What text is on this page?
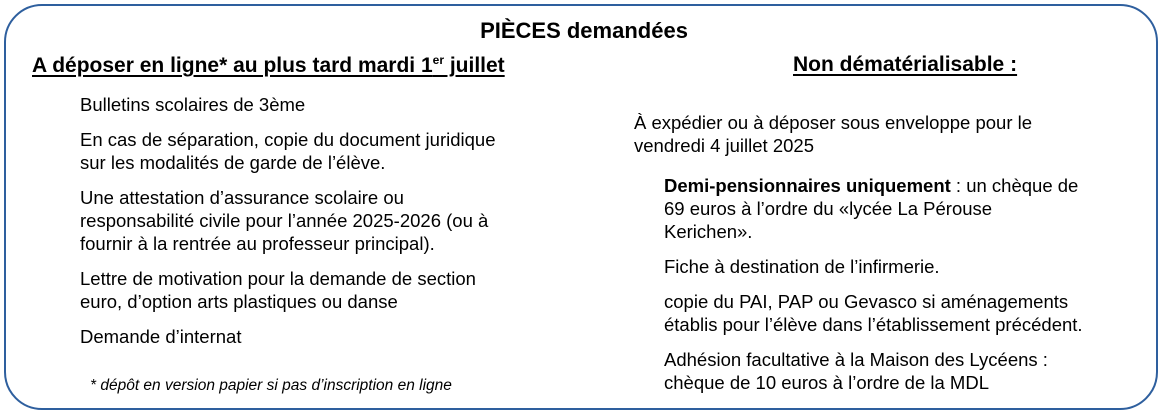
PIÈCES demandées
A déposer en ligne* au plus tard mardi 1er juillet	Non dématérialisable :

Bulletins scolaires de 3ème

En cas de séparation, copie du document juridique
sur les modalités de garde de l’élève.

Une attestation d’assurance scolaire ou
responsabilité civile pour l’année 2025-2026 (ou à
fournir à la rentrée au professeur principal).

Lettre de motivation pour la demande de section
euro, d’option arts plastiques ou danse

Demande d’internat

* dépôt en version papier si pas d’inscription en ligne

À expédier ou à déposer sous enveloppe pour le
vendredi 4 juillet 2025

Demi-pensionnaires uniquement : un chèque de
69 euros à l’ordre du «lycée La Pérouse
Kerichen».

Fiche à destination de l’infirmerie.

copie du PAI, PAP ou Gevasco si aménagements
établis pour l’élève dans l’établissement précédent.

Adhésion facultative à la Maison des Lycéens :
chèque de 10 euros à l’ordre de la MDL
